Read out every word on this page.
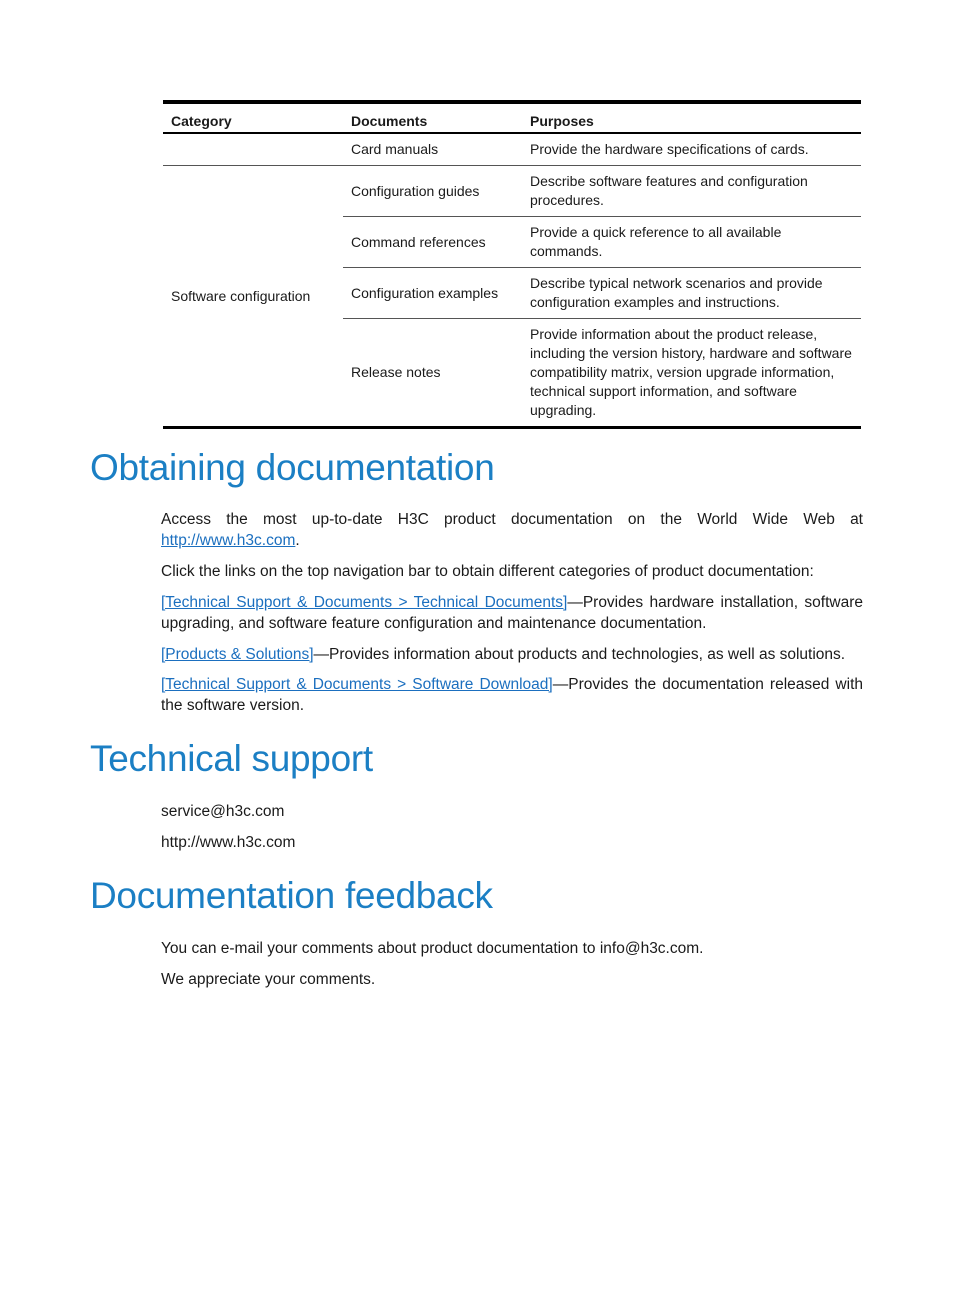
Category	Documents	Purposes
	Card manuals	Provide the hardware specifications of cards.
Software configuration	Configuration guides	Describe software features and configuration procedures.
	Command references	Provide a quick reference to all available commands.
	Configuration examples	Describe typical network scenarios and provide configuration examples and instructions.
	Release notes	Provide information about the product release, including the version history, hardware and software compatibility matrix, version upgrade information, technical support information, and software upgrading.
Obtaining documentation

Access the most up-to-date H3C product documentation on the World Wide Web at http://www.h3c.com.

Click the links on the top navigation bar to obtain different categories of product documentation:

[Technical Support & Documents > Technical Documents]—Provides hardware installation, software upgrading, and software feature configuration and maintenance documentation.

[Products & Solutions]—Provides information about products and technologies, as well as solutions.

[Technical Support & Documents > Software Download]—Provides the documentation released with the software version.

Technical support

service@h3c.com

http://www.h3c.com

Documentation feedback

You can e-mail your comments about product documentation to info@h3c.com.

We appreciate your comments.
